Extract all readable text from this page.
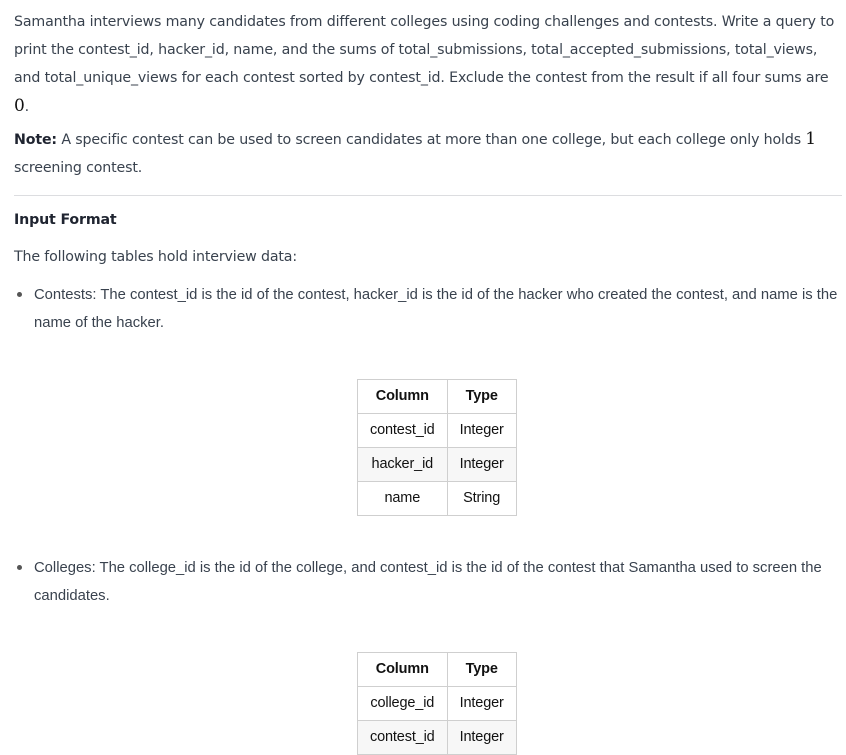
Samantha interviews many candidates from different colleges using coding challenges and contests. Write a query to print the contest_id, hacker_id, name, and the sums of total_submissions, total_accepted_submissions, total_views, and total_unique_views for each contest sorted by contest_id. Exclude the contest from the result if all four sums are 0.

Note: A specific contest can be used to screen candidates at more than one college, but each college only holds 1 screening contest.

Input Format

The following tables hold interview data:

Contests: The contest_id is the id of the contest, hacker_id is the id of the hacker who created the contest, and name is the name of the hacker.
Column	Type
contest_id	Integer
hacker_id	Integer
name	String
Colleges: The college_id is the id of the college, and contest_id is the id of the contest that Samantha used to screen the candidates.
Column	Type
college_id	Integer
contest_id	Integer
